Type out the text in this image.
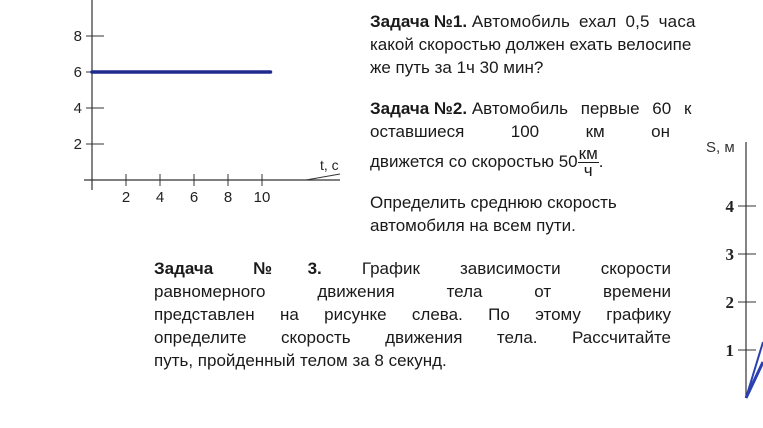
8
6
4
2
2 4 6 8 10
t, c
Задача №1. Автомобиль ехал 0,5 часа
какой скоростью должен ехать велосипе
же путь за 1ч 30 мин?
Задача №2. Автомобиль первые 60 к
оставшиеся 100 км он
движется со скоростью $50 \frac{км}{ч}$ .
Определить среднюю скорость
автомобиля на всем пути.
Задача №3. График зависимости скорости
равномерного движения тела от времени
представлен на рисунке слева. По этому графику
определите скорость движения тела. Рассчитайте
путь, пройденный телом за 8 секунд.
S, м
4
3
2
1
